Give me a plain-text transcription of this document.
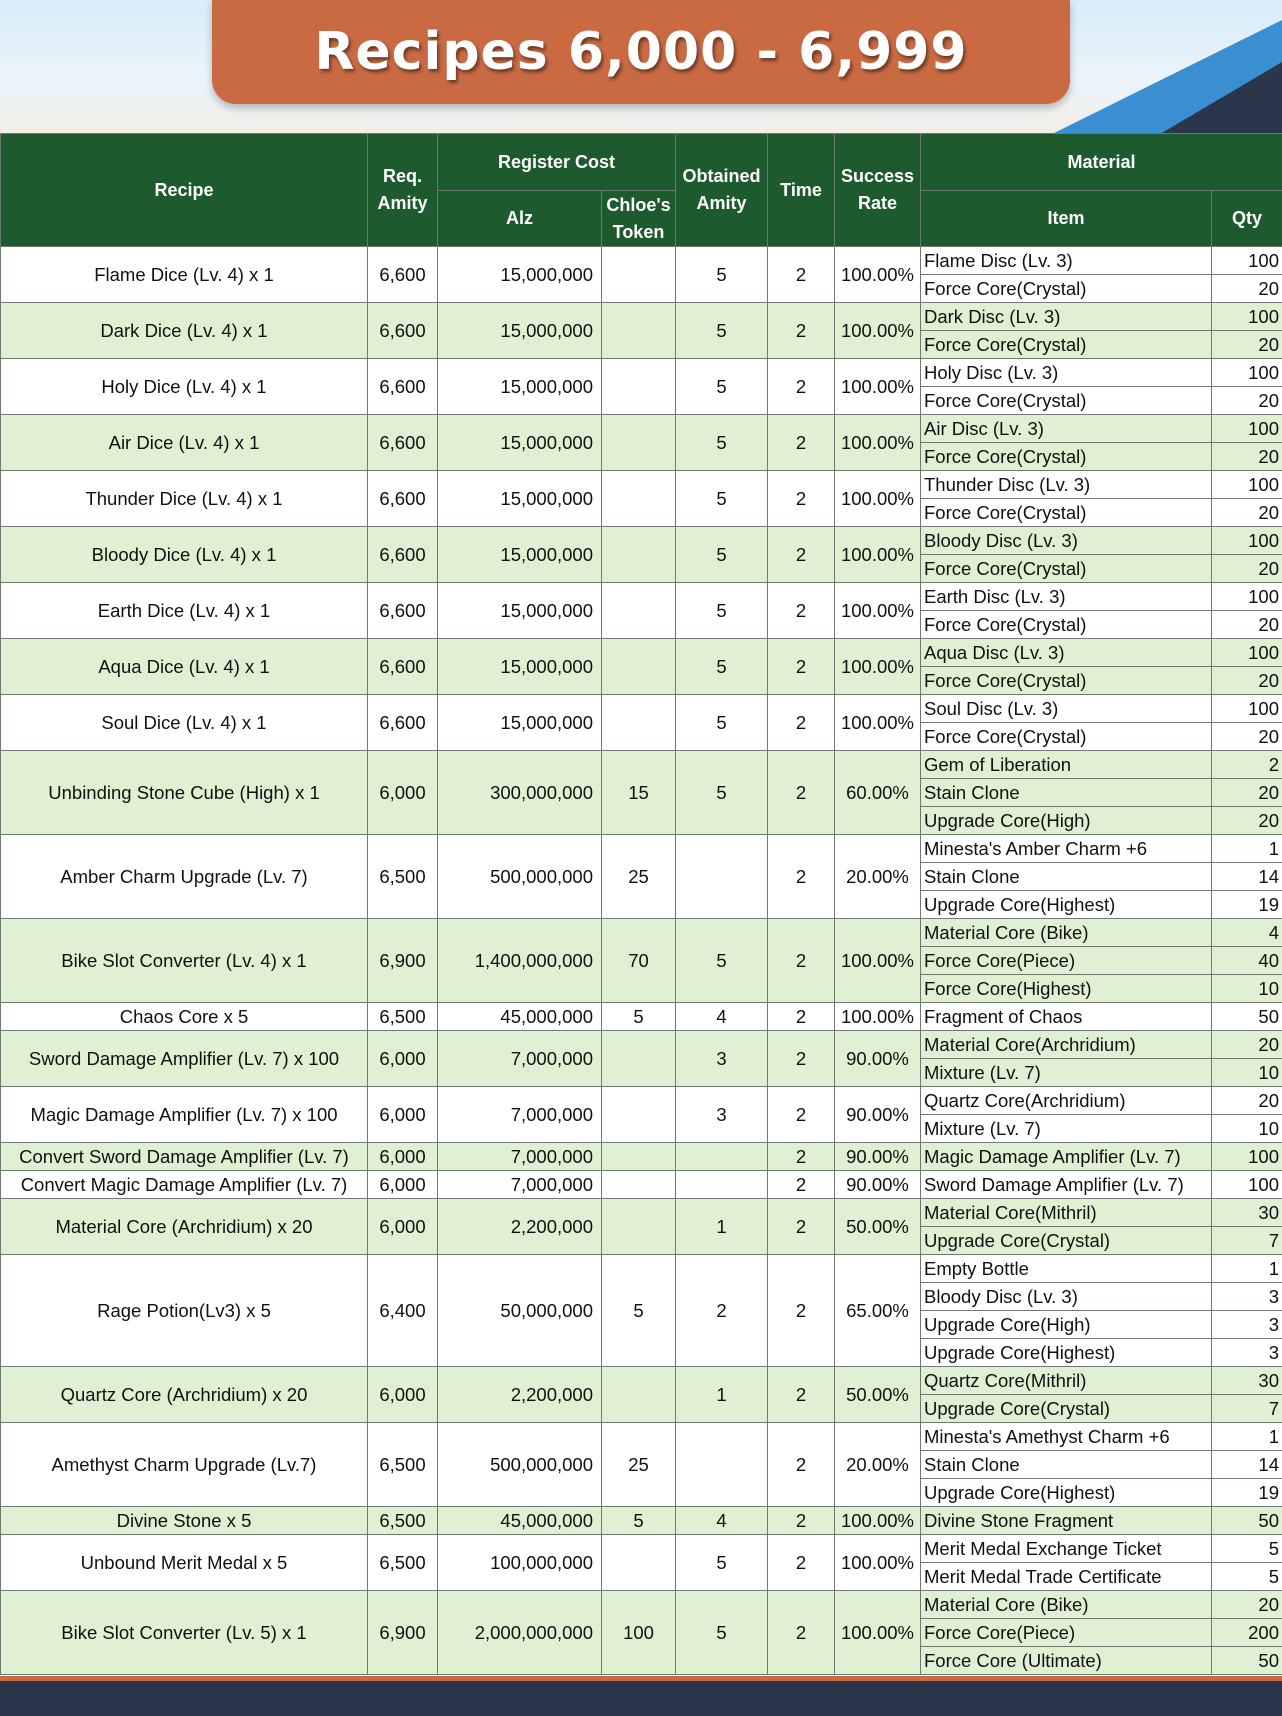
Recipes 6,000 - 6,999
Recipe	Req. Amity	Register Cost		Obtained Amity	Time	Success Rate	Material	
		Alz	Chloe's Token				Item	Qty
Flame Dice (Lv. 4) x 1	6,600	15,000,000		5	2	100.00%	Flame Disc (Lv. 3)	100
							Force Core(Crystal)	20
Dark Dice (Lv. 4) x 1	6,600	15,000,000		5	2	100.00%	Dark Disc (Lv. 3)	100
							Force Core(Crystal)	20
Holy Dice (Lv. 4) x 1	6,600	15,000,000		5	2	100.00%	Holy Disc (Lv. 3)	100
							Force Core(Crystal)	20
Air Dice (Lv. 4) x 1	6,600	15,000,000		5	2	100.00%	Air Disc (Lv. 3)	100
							Force Core(Crystal)	20
Thunder Dice (Lv. 4) x 1	6,600	15,000,000		5	2	100.00%	Thunder Disc (Lv. 3)	100
							Force Core(Crystal)	20
Bloody Dice (Lv. 4) x 1	6,600	15,000,000		5	2	100.00%	Bloody Disc (Lv. 3)	100
							Force Core(Crystal)	20
Earth Dice (Lv. 4) x 1	6,600	15,000,000		5	2	100.00%	Earth Disc (Lv. 3)	100
							Force Core(Crystal)	20
Aqua Dice (Lv. 4) x 1	6,600	15,000,000		5	2	100.00%	Aqua Disc (Lv. 3)	100
							Force Core(Crystal)	20
Soul Dice (Lv. 4) x 1	6,600	15,000,000		5	2	100.00%	Soul Disc (Lv. 3)	100
							Force Core(Crystal)	20
Unbinding Stone Cube (High) x 1	6,000	300,000,000	15	5	2	60.00%	Gem of Liberation	2
							Stain Clone	20
							Upgrade Core(High)	20
Amber Charm Upgrade (Lv. 7)	6,500	500,000,000	25		2	20.00%	Minesta's Amber Charm +6	1
							Stain Clone	14
							Upgrade Core(Highest)	19
Bike Slot Converter (Lv. 4) x 1	6,900	1,400,000,000	70	5	2	100.00%	Material Core (Bike)	4
							Force Core(Piece)	40
							Force Core(Highest)	10
Chaos Core x 5	6,500	45,000,000	5	4	2	100.00%	Fragment of Chaos	50
Sword Damage Amplifier (Lv. 7) x 100	6,000	7,000,000		3	2	90.00%	Material Core(Archridium)	20
							Mixture (Lv. 7)	10
Magic Damage Amplifier (Lv. 7) x 100	6,000	7,000,000		3	2	90.00%	Quartz Core(Archridium)	20
							Mixture (Lv. 7)	10
Convert Sword Damage Amplifier (Lv. 7)	6,000	7,000,000			2	90.00%	Magic Damage Amplifier (Lv. 7)	100
Convert Magic Damage Amplifier (Lv. 7)	6,000	7,000,000			2	90.00%	Sword Damage Amplifier (Lv. 7)	100
Material Core (Archridium) x 20	6,000	2,200,000		1	2	50.00%	Material Core(Mithril)	30
							Upgrade Core(Crystal)	7
Rage Potion(Lv3) x 5	6,400	50,000,000	5	2	2	65.00%	Empty Bottle	1
							Bloody Disc (Lv. 3)	3
							Upgrade Core(High)	3
							Upgrade Core(Highest)	3
Quartz Core (Archridium) x 20	6,000	2,200,000		1	2	50.00%	Quartz Core(Mithril)	30
							Upgrade Core(Crystal)	7
Amethyst Charm Upgrade (Lv.7)	6,500	500,000,000	25		2	20.00%	Minesta's Amethyst Charm +6	1
							Stain Clone	14
							Upgrade Core(Highest)	19
Divine Stone x 5	6,500	45,000,000	5	4	2	100.00%	Divine Stone Fragment	50
Unbound Merit Medal x 5	6,500	100,000,000		5	2	100.00%	Merit Medal Exchange Ticket	5
							Merit Medal Trade Certificate	5
Bike Slot Converter (Lv. 5) x 1	6,900	2,000,000,000	100	5	2	100.00%	Material Core (Bike)	20
							Force Core(Piece)	200
							Force Core (Ultimate)	50
